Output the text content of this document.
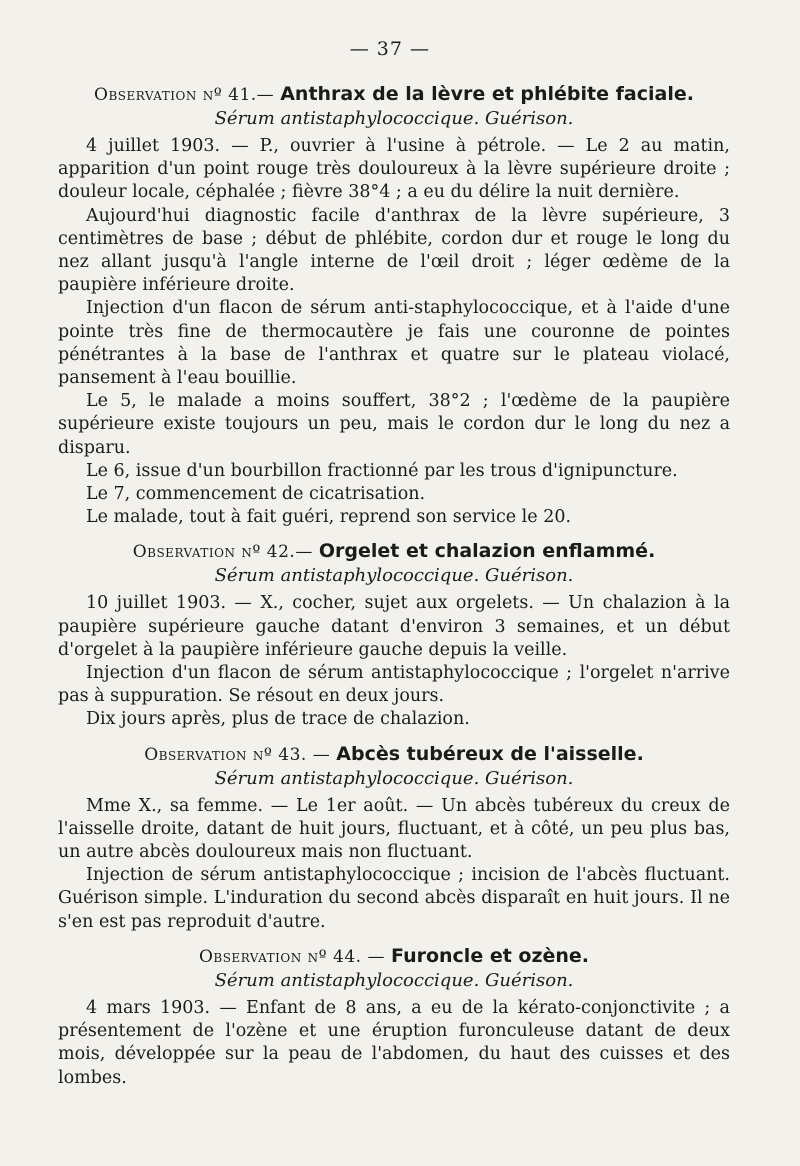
— 37 —

Observation nº 41.— Anthrax de la lèvre et phlébite faciale.

Sérum antistaphylococcique. Guérison.

4 juillet 1903. — P., ouvrier à l'usine à pétrole. — Le 2 au matin, apparition d'un point rouge très douloureux à la lèvre supérieure droite ; douleur locale, céphalée ; fièvre 38°4 ; a eu du délire la nuit dernière.

Aujourd'hui diagnostic facile d'anthrax de la lèvre supérieure, 3 centimètres de base ; début de phlébite, cordon dur et rouge le long du nez allant jusqu'à l'angle interne de l'œil droit ; léger œdème de la paupière inférieure droite.

Injection d'un flacon de sérum anti-staphylococcique, et à l'aide d'une pointe très fine de thermocautère je fais une couronne de pointes pénétrantes à la base de l'anthrax et quatre sur le plateau violacé, pansement à l'eau bouillie.

Le 5, le malade a moins souffert, 38°2 ; l'œdème de la paupière supérieure existe toujours un peu, mais le cordon dur le long du nez a disparu.

Le 6, issue d'un bourbillon fractionné par les trous d'ignipuncture.

Le 7, commencement de cicatrisation.

Le malade, tout à fait guéri, reprend son service le 20.

Observation nº 42.— Orgelet et chalazion enflammé.

Sérum antistaphylococcique. Guérison.

10 juillet 1903. — X., cocher, sujet aux orgelets. — Un chalazion à la paupière supérieure gauche datant d'environ 3 semaines, et un début d'orgelet à la paupière inférieure gauche depuis la veille.

Injection d'un flacon de sérum antistaphylococcique ; l'orgelet n'arrive pas à suppuration. Se résout en deux jours.

Dix jours après, plus de trace de chalazion.

Observation nº 43. — Abcès tubéreux de l'aisselle.

Sérum antistaphylococcique. Guérison.

Mme X., sa femme. — Le 1er août. — Un abcès tubéreux du creux de l'aisselle droite, datant de huit jours, fluctuant, et à côté, un peu plus bas, un autre abcès douloureux mais non fluctuant.

Injection de sérum antistaphylococcique ; incision de l'abcès fluctuant. Guérison simple. L'induration du second abcès disparaît en huit jours. Il ne s'en est pas reproduit d'autre.

Observation nº 44. — Furoncle et ozène.

Sérum antistaphylococcique. Guérison.

4 mars 1903. — Enfant de 8 ans, a eu de la kérato-conjonctivite ; a présentement de l'ozène et une éruption furonculeuse datant de deux mois, développée sur la peau de l'abdomen, du haut des cuisses et des lombes.
